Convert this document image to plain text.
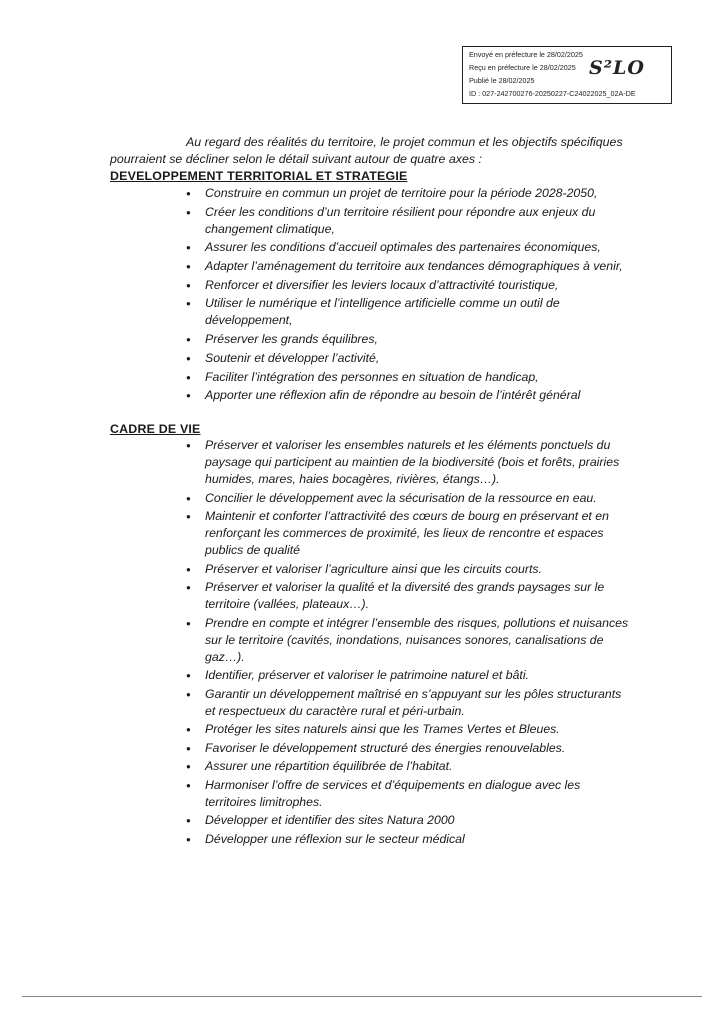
Envoyé en préfecture le 28/02/2025
Reçu en préfecture le 28/02/2025
Publié le 28/02/2025
ID : 027-242700276-20250227-C24022025_02A-DE
S²LO
Au regard des réalités du territoire, le projet commun et les objectifs spécifiques
pourraient se décliner selon le détail suivant autour de quatre axes :
DEVELOPPEMENT TERRITORIAL ET STRATEGIE
● Construire en commun un projet de territoire pour la période 2028-2050,
● Créer les conditions d’un territoire résilient pour répondre aux enjeux du changement climatique,
● Assurer les conditions d’accueil optimales des partenaires économiques,
● Adapter l’aménagement du territoire aux tendances démographiques à venir,
● Renforcer et diversifier les leviers locaux d’attractivité touristique,
● Utiliser le numérique et l’intelligence artificielle comme un outil de développement,
● Préserver les grands équilibres,
● Soutenir et développer l’activité,
● Faciliter l’intégration des personnes en situation de handicap,
● Apporter une réflexion afin de répondre au besoin de l’intérêt général
CADRE DE VIE
● Préserver et valoriser les ensembles naturels et les éléments ponctuels du paysage qui participent au maintien de la biodiversité (bois et forêts, prairies humides, mares, haies bocagères, rivières, étangs…).
● Concilier le développement avec la sécurisation de la ressource en eau.
● Maintenir et conforter l’attractivité des cœurs de bourg en préservant et en renforçant les commerces de proximité, les lieux de rencontre et espaces publics de qualité
● Préserver et valoriser l’agriculture ainsi que les circuits courts.
● Préserver et valoriser la qualité et la diversité des grands paysages sur le territoire (vallées, plateaux…).
● Prendre en compte et intégrer l’ensemble des risques, pollutions et nuisances sur le territoire (cavités, inondations, nuisances sonores, canalisations de gaz…).
● Identifier, préserver et valoriser le patrimoine naturel et bâti.
● Garantir un développement maîtrisé en s’appuyant sur les pôles structurants et respectueux du caractère rural et péri-urbain.
● Protéger les sites naturels ainsi que les Trames Vertes et Bleues.
● Favoriser le développement structuré des énergies renouvelables.
● Assurer une répartition équilibrée de l’habitat.
● Harmoniser l’offre de services et d’équipements en dialogue avec les territoires limitrophes.
● Développer et identifier des sites Natura 2000
● Développer une réflexion sur le secteur médical
